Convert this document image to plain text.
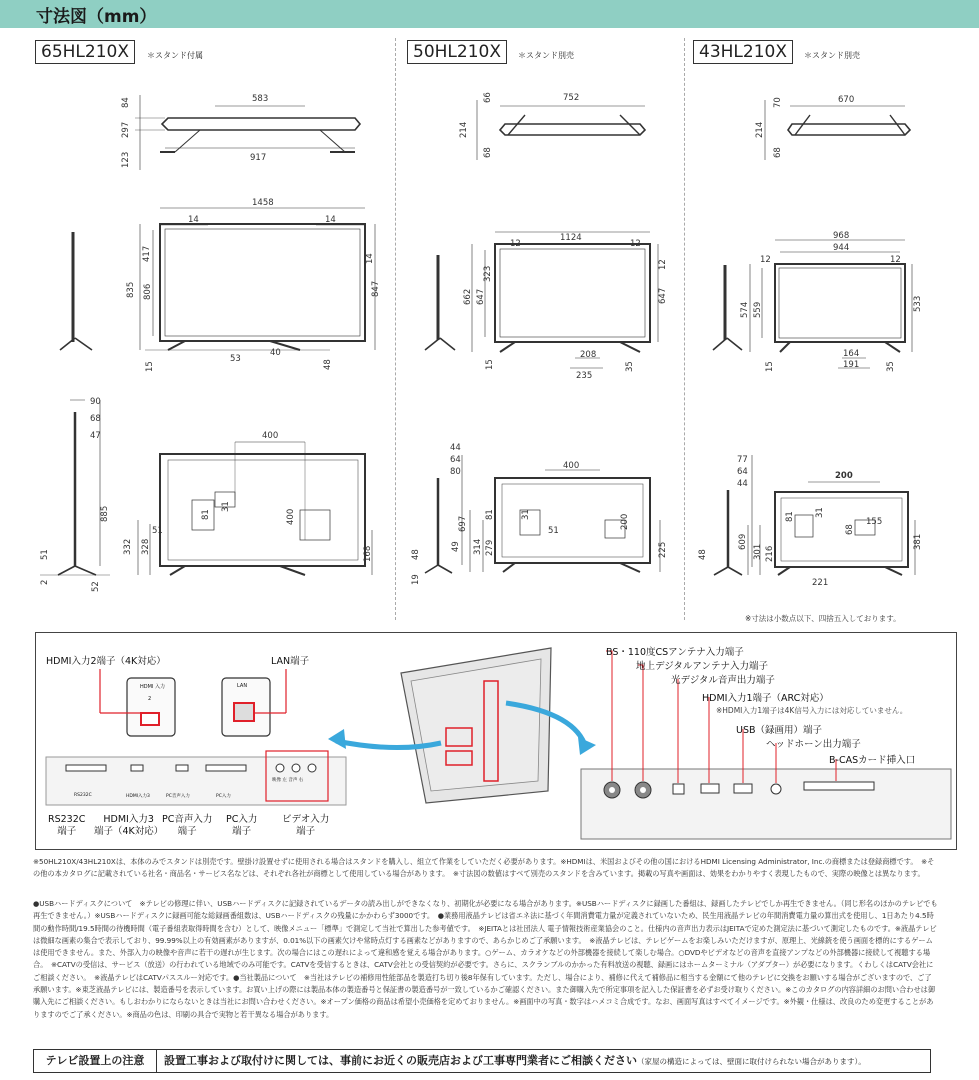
寸法図（mm）
65HL210X	＊スタンド付属	50HL210X	＊スタンド別売	43HL210X	＊スタンド別売
583
917
84
297
123
1458
14	14
835 806
417	14
847
53
40
15	48
90
68
47	400
400
885
332 328
51
81
31
168
51
2	52
752
66
214
68
1124
12	12
662 647
323
647
12
208
235
15	35
44
64
80
400
200
697
314 279
81	31
51
225
48
19
49
670
70
214
68
968
944
12	12
574 559	533
164
191
15	35
77
64
44
200
155
609
301 216
81
68
381
48
221
31
※寸法は小数点以下、四捨五入しております。
HDMI入力2端子（4K対応）	LAN端子
HDMI 入力
2
LAN
RS232C	HDMI入力3	PC音声入力	PC入力
映像 左 音声 右
RS232C
端子
HDMI入力3
端子（4K対応）
PC音声入力
端子
PC入力
端子
ビデオ入力
端子
BS・110度CSアンテナ入力端子
地上デジタルアンテナ入力端子
光デジタル音声出力端子
HDMI入力1端子（ARC対応）
※HDMI入力1端子は4K信号入力には対応していません。
USB（録画用）端子
ヘッドホーン出力端子
B-CASカード挿入口
※50HL210X/43HL210Xは、本体のみでスタンドは別売です。壁掛け設置せずに使用される場合はスタンドを購入し、組立て作業をしていただく必要があります。※HDMIは、米国およびその他の国におけるHDMI Licensing Administrator, Inc.の商標または登録商標です。　※その他の本カタログに記載されている社名・商品名・サービス名などは、それぞれ各社が商標として使用している場合があります。　※寸法図の数値はすべて別売のスタンドを含みています。掲載の写真や画面は、効果をわかりやすく表現したもので、実際の映像とは異なります。
●USBハードディスクについて　※テレビの修理に伴い、USBハードディスクに記録されているデータの読み出しができなくなり、初期化が必要になる場合があります。※USBハードディスクに録画した番組は、録画したテレビでしか再生できません。（同じ形名のほかのテレビでも再生できません。）※USBハードディスクに録画可能な総録画番組数は、USBハードディスクの残量にかかわらず3000です。　●業務用液晶テレビは省エネ法に基づく年間消費電力量が定義されていないため、民生用液晶テレビの年間消費電力量の算出式を使用し、1日あたり4.5時間の動作時間/19.5時間の待機時間（電子番組表取得時間を含む）として、映像メニュー「標準」で測定して当社で算出した参考値です。　※JEITAとは社団法人 電子情報技術産業協会のこと。仕様内の音声出力表示はJEITAで定めた測定法に基づいて測定したものです。※液晶テレビは微細な画素の集合で表示しており、99.99%以上の有効画素がありますが、0.01%以下の画素欠けや常時点灯する画素などがありますので、あらかじめご了承願います。　※液晶テレビは、テレビゲームをお楽しみいただけますが、原理上、光線銃を使う画面を標的にするゲームは使用できません。また、外部入力の映像や音声に若干の遅れが生じます。次の場合にはこの遅れによって違和感を覚える場合があります。○ゲーム、カラオケなどの外部機器を接続して楽しむ場合。○DVDやビデオなどの音声を直接アンプなどの外部機器に接続して視聴する場合。　※CATVの受信は、サービス（放送）の行われている地域でのみ可能です。CATVを受信するときは、CATV会社との受信契約が必要です。さらに、スクランブルのかかった有料放送の視聴、録画にはホームターミナル（アダプター）が必要になります。くわしくはCATV会社にご相談ください。　※液晶テレビはCATVパススルー対応です。●当社製品について　※当社はテレビの補修用性能部品を製造打ち切り後8年保有しています。ただし、場合により、補修に代えて補修品に相当する金額にて他のテレビに交換をお願いする場合がございますので、ご了承願います。※東芝液晶テレビには、製造番号を表示しています。お買い上げの際には製品本体の製造番号と保証書の製造番号が一致しているかご確認ください。また御購入先で所定事項を記入した保証書を必ずお受け取りください。※このカタログの内容詳細のお問い合わせは御購入先にご相談ください。もしおわかりにならないときは当社にお問い合わせください。※オープン価格の商品は希望小売価格を定めておりません。※画面中の写真・数字はハメコミ合成です。なお、画面写真はすべてイメージです。※外観・仕様は、改良のため変更することがありますのでご了承ください。※商品の色は、印刷の具合で実物と若干異なる場合があります。
テレビ設置上の注意	設置工事および取付けに関しては、事前にお近くの販売店および工事専門業者にご相談ください（家屋の構造によっては、壁面に取付けられない場合があります）。
